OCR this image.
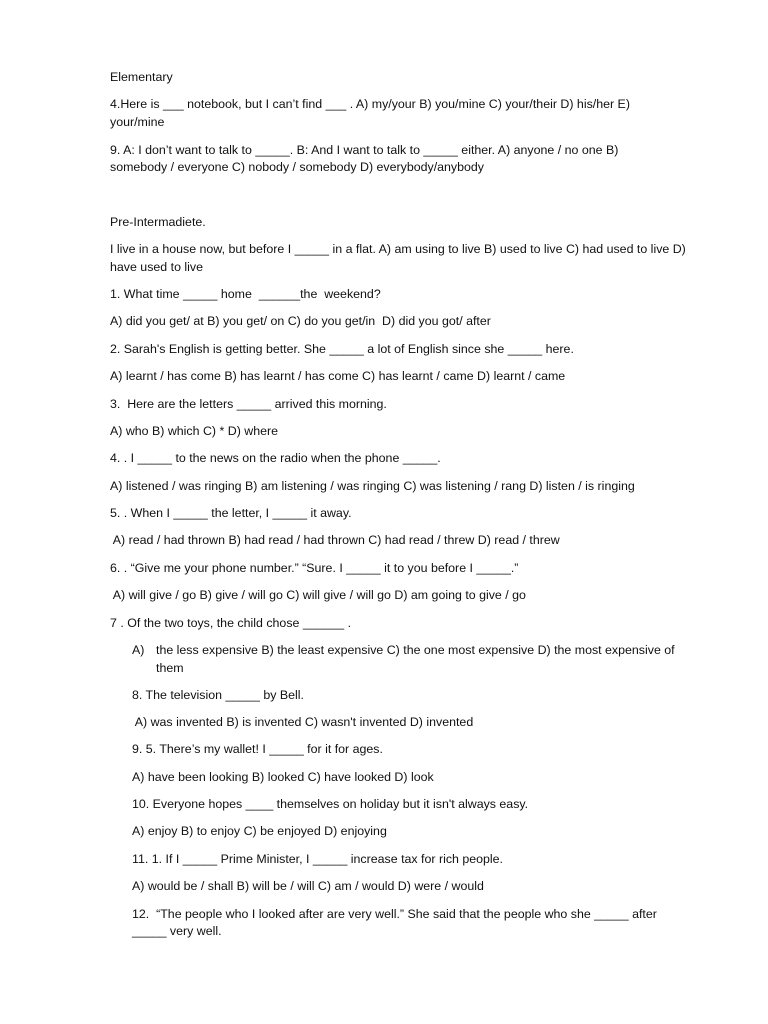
Elementary

4.Here is ___ notebook, but I can’t find ___ . A) my/your B) you/mine C) your/their D) his/her E)

your/mine

9. A: I don’t want to talk to _____. B: And I want to talk to _____ either. A) anyone / no one B)

somebody / everyone C) nobody / somebody D) everybody/anybody

Pre-Intermadiete.

I live in a house now, but before I _____ in a flat. A) am using to live B) used to live C) had used to live D)

have used to live

1. What time _____ home  ______the  weekend?

A) did you get/ at B) you get/ on C) do you get/in  D) did you got/ after

2. Sarah's English is getting better. She _____ a lot of English since she _____ here.

A) learnt / has come B) has learnt / has come C) has learnt / came D) learnt / came

3.  Here are the letters _____ arrived this morning.

A) who B) which C) * D) where

4. . I _____ to the news on the radio when the phone _____.

A) listened / was ringing B) am listening / was ringing C) was listening / rang D) listen / is ringing

5. . When I _____ the letter, I _____ it away.

A) read / had thrown B) had read / had thrown C) had read / threw D) read / threw

6. . “Give me your phone number.” “Sure. I _____ it to you before I _____.”

A) will give / go B) give / will go C) will give / will go D) am going to give / go

7 . Of the two toys, the child chose ______ .

A) the less expensive B) the least expensive C) the one most expensive D) the most expensive of

them

8. The television _____ by Bell.

A) was invented B) is invented C) wasn't invented D) invented

9. 5. There’s my wallet! I _____ for it for ages.

A) have been looking B) looked C) have looked D) look

10. Everyone hopes ____ themselves on holiday but it isn't always easy.

A) enjoy B) to enjoy C) be enjoyed D) enjoying

11. 1. If I _____ Prime Minister, I _____ increase tax for rich people.

A) would be / shall B) will be / will C) am / would D) were / would

12.  “The people who I looked after are very well.” She said that the people who she _____ after

_____ very well.
